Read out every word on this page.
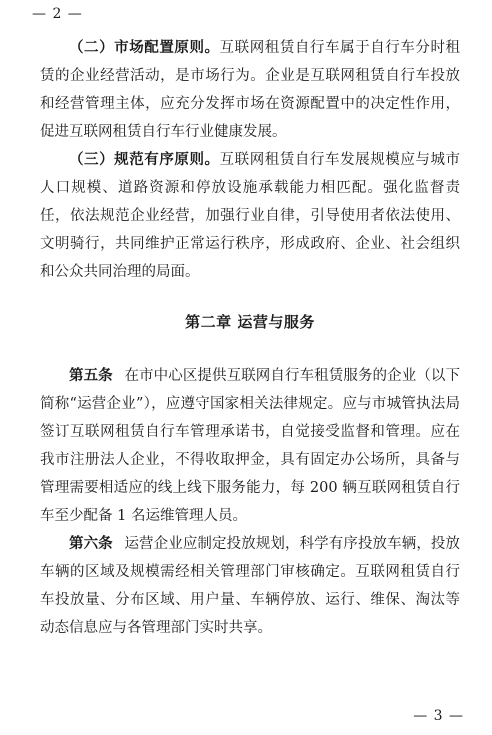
— 2 —

（二）市场配置原则。互联网租赁自行车属于自行车分时租赁的企业经营活动，是市场行为。企业是互联网租赁自行车投放和经营管理主体，应充分发挥市场在资源配置中的决定性作用，促进互联网租赁自行车行业健康发展。

（三）规范有序原则。互联网租赁自行车发展规模应与城市人口规模、道路资源和停放设施承载能力相匹配。强化监督责任，依法规范企业经营，加强行业自律，引导使用者依法使用、文明骑行，共同维护正常运行秩序，形成政府、企业、社会组织和公众共同治理的局面。

第二章 运营与服务

第五条 在市中心区提供互联网自行车租赁服务的企业（以下简称“运营企业”），应遵守国家相关法律规定。应与市城管执法局签订互联网租赁自行车管理承诺书，自觉接受监督和管理。应在我市注册法人企业，不得收取押金，具有固定办公场所，具备与管理需要相适应的线上线下服务能力，每 200 辆互联网租赁自行车至少配备 1 名运维管理人员。

第六条 运营企业应制定投放规划，科学有序投放车辆，投放车辆的区域及规模需经相关管理部门审核确定。互联网租赁自行车投放量、分布区域、用户量、车辆停放、运行、维保、淘汰等动态信息应与各管理部门实时共享。

— 3 —
